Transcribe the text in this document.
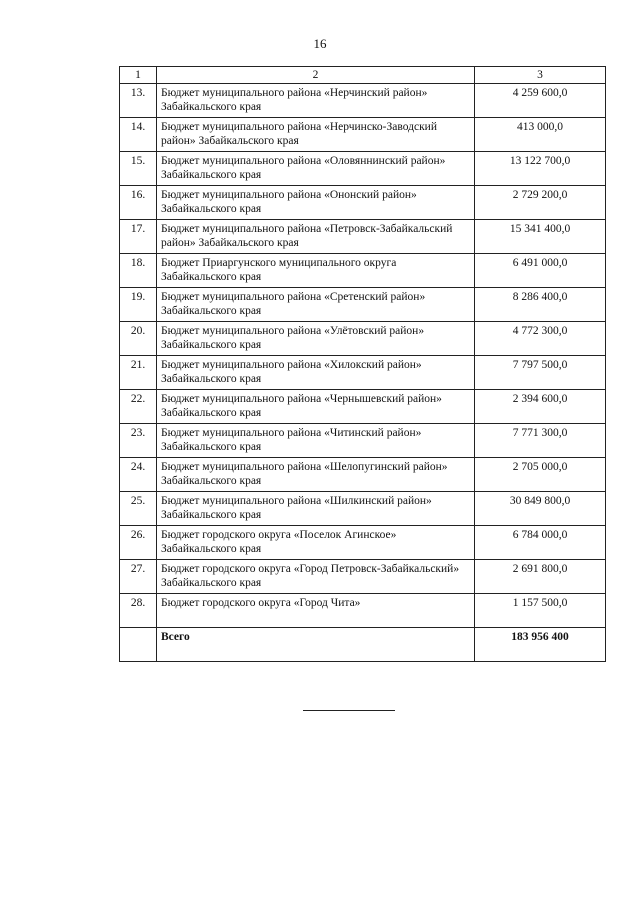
16
1	2	3
13.	Бюджет муниципального района «Нерчинский район» Забайкальского края	4 259 600,0
14.	Бюджет муниципального района «Нерчинско-Заводский район» Забайкальского края	413 000,0
15.	Бюджет муниципального района «Оловяннинский район» Забайкальского края	13 122 700,0
16.	Бюджет муниципального района «Ононский район» Забайкальского края	2 729 200,0
17.	Бюджет муниципального района «Петровск-Забайкальский район» Забайкальского края	15 341 400,0
18.	Бюджет Приаргунского муниципального округа Забайкальского края	6 491 000,0
19.	Бюджет муниципального района «Сретенский район» Забайкальского края	8 286 400,0
20.	Бюджет муниципального района «Улётовский район» Забайкальского края	4 772 300,0
21.	Бюджет муниципального района «Хилокский район» Забайкальского края	7 797 500,0
22.	Бюджет муниципального района «Чернышевский район» Забайкальского края	2 394 600,0
23.	Бюджет муниципального района «Читинский район» Забайкальского края	7 771 300,0
24.	Бюджет муниципального района «Шелопугинский район» Забайкальского края	2 705 000,0
25.	Бюджет муниципального района «Шилкинский район» Забайкальского края	30 849 800,0
26.	Бюджет городского округа «Поселок Агинское» Забайкальского края	6 784 000,0
27.	Бюджет городского округа «Город Петровск-Забайкальский» Забайкальского края	2 691 800,0
28.	Бюджет городского округа «Город Чита»	1 157 500,0
	Всего	183 956 400
